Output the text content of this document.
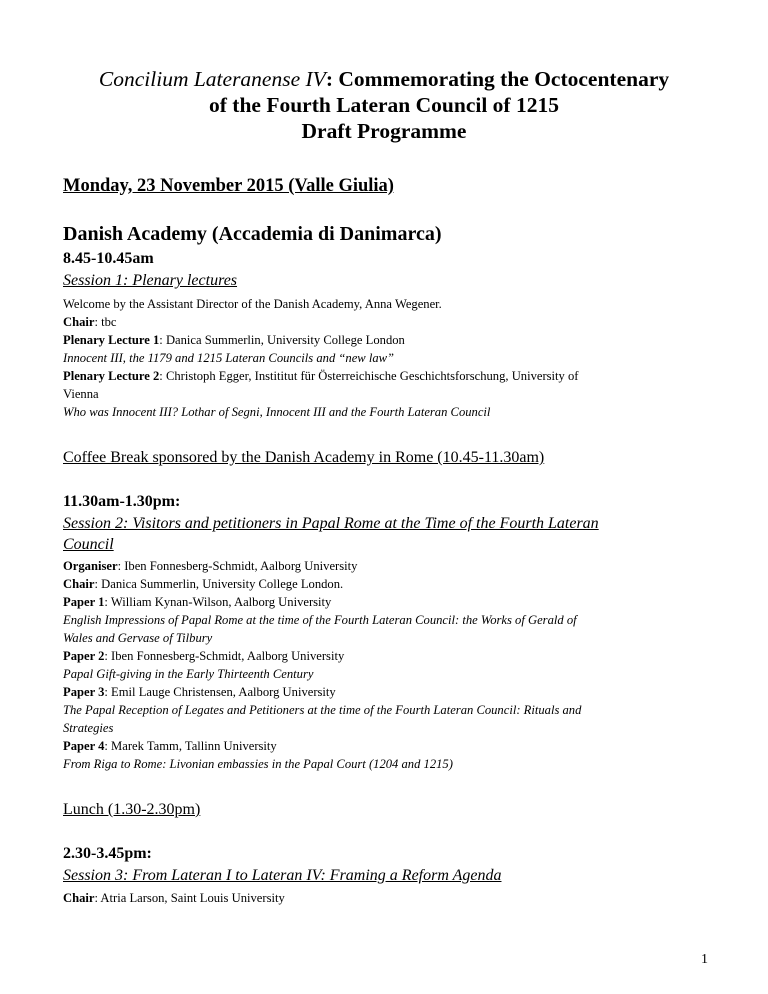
Concilium Lateranense IV: Commemorating the Octocentenary
of the Fourth Lateran Council of 1215
Draft Programme
Monday, 23 November 2015 (Valle Giulia)
Danish Academy (Accademia di Danimarca)
8.45-10.45am
Session 1: Plenary lectures
Welcome by the Assistant Director of the Danish Academy, Anna Wegener.
Chair: tbc
Plenary Lecture 1: Danica Summerlin, University College London
Innocent III, the 1179 and 1215 Lateran Councils and “new law”
Plenary Lecture 2: Christoph Egger, Instititut für Österreichische Geschichtsforschung, University of
Vienna
Who was Innocent III? Lothar of Segni, Innocent III and the Fourth Lateran Council
Coffee Break sponsored by the Danish Academy in Rome (10.45-11.30am)
11.30am-1.30pm:
Session 2: Visitors and petitioners in Papal Rome at the Time of the Fourth Lateran
Council
Organiser: Iben Fonnesberg-Schmidt, Aalborg University
Chair: Danica Summerlin, University College London.
Paper 1: William Kynan-Wilson, Aalborg University
English Impressions of Papal Rome at the time of the Fourth Lateran Council: the Works of Gerald of
Wales and Gervase of Tilbury
Paper 2: Iben Fonnesberg-Schmidt, Aalborg University
Papal Gift-giving in the Early Thirteenth Century
Paper 3: Emil Lauge Christensen, Aalborg University
The Papal Reception of Legates and Petitioners at the time of the Fourth Lateran Council: Rituals and
Strategies
Paper 4: Marek Tamm, Tallinn University
From Riga to Rome: Livonian embassies in the Papal Court (1204 and 1215)
Lunch (1.30-2.30pm)
2.30-3.45pm:
Session 3: From Lateran I to Lateran IV: Framing a Reform Agenda
Chair: Atria Larson, Saint Louis University
1
